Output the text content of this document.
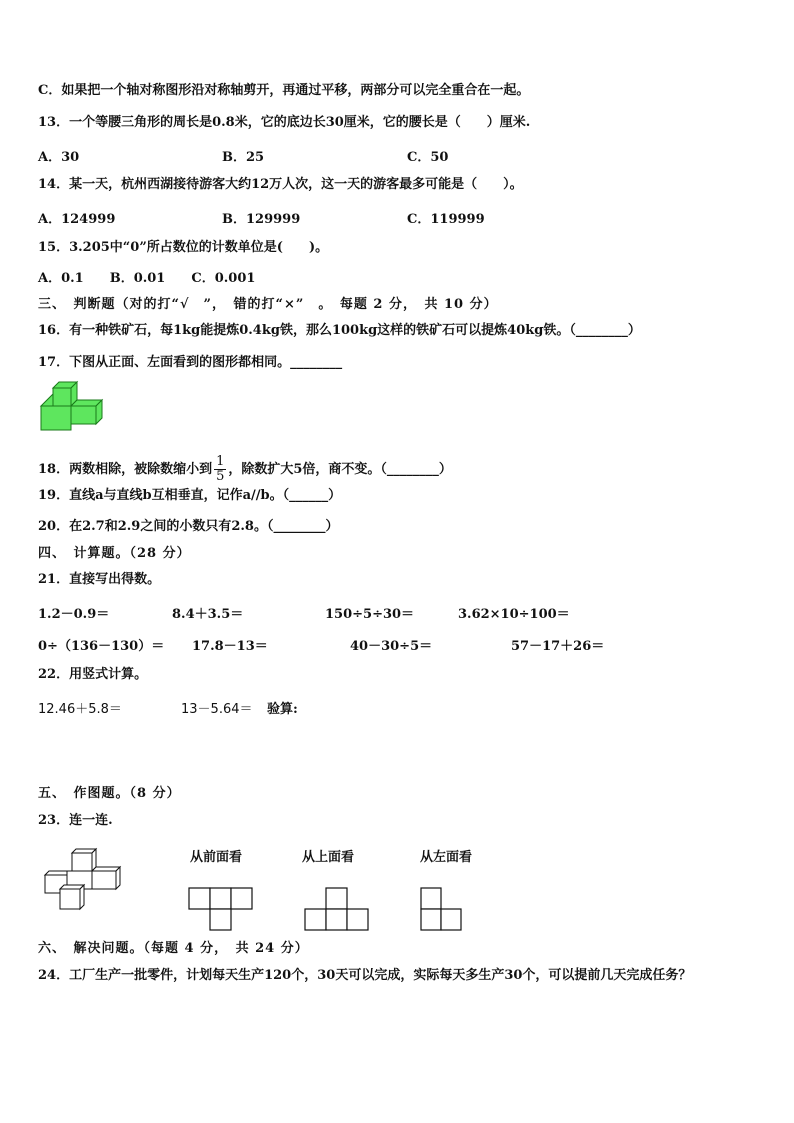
C．如果把一个轴对称图形沿对称轴剪开，再通过平移，两部分可以完全重合在一起。
13．一个等腰三角形的周长是0.8米，它的底边长30厘米，它的腰长是（　　）厘米.
A．30	B．25	C．50
14．某一天，杭州西湖接待游客大约12万人次，这一天的游客最多可能是（　　）。
A．124999	B．129999	C．119999
15．3.205中“0”所占数位的计数单位是(　　)。
A．0.1　　B．0.01　　C．0.001
三、　判断题（对的打“√　”，　错的打“×”　。　每题 2 分，　共 10 分）
16．有一种铁矿石，每1kg能提炼0.4kg铁，那么100kg这样的铁矿石可以提炼40kg铁。（________）
17．下图从正面、左面看到的图形都相同。________
18．两数相除，被除数缩小到 $\frac{1}{5}$ ，除数扩大5倍，商不变。（________）
19．直线a与直线b互相垂直，记作a//b。（______）
20．在2.7和2.9之间的小数只有2.8。（________）
四、　计算题。（28 分）
21．直接写出得数。
1.2－0.9＝	8.4＋3.5＝	150÷5÷30＝	3.62×10÷100＝
0÷（136－130）＝ 17.8－13＝	40－30÷5＝	57－17＋26＝
22．用竖式计算。
12.46＋5.8＝	13－5.64＝ 验算:
五、　作图题。（8 分）
23．连一连.
从前面看	从上面看	从左面看
六、　解决问题。（每题 4 分，　共 24 分）
24．工厂生产一批零件，计划每天生产120个，30天可以完成，实际每天多生产30个，可以提前几天完成任务？
